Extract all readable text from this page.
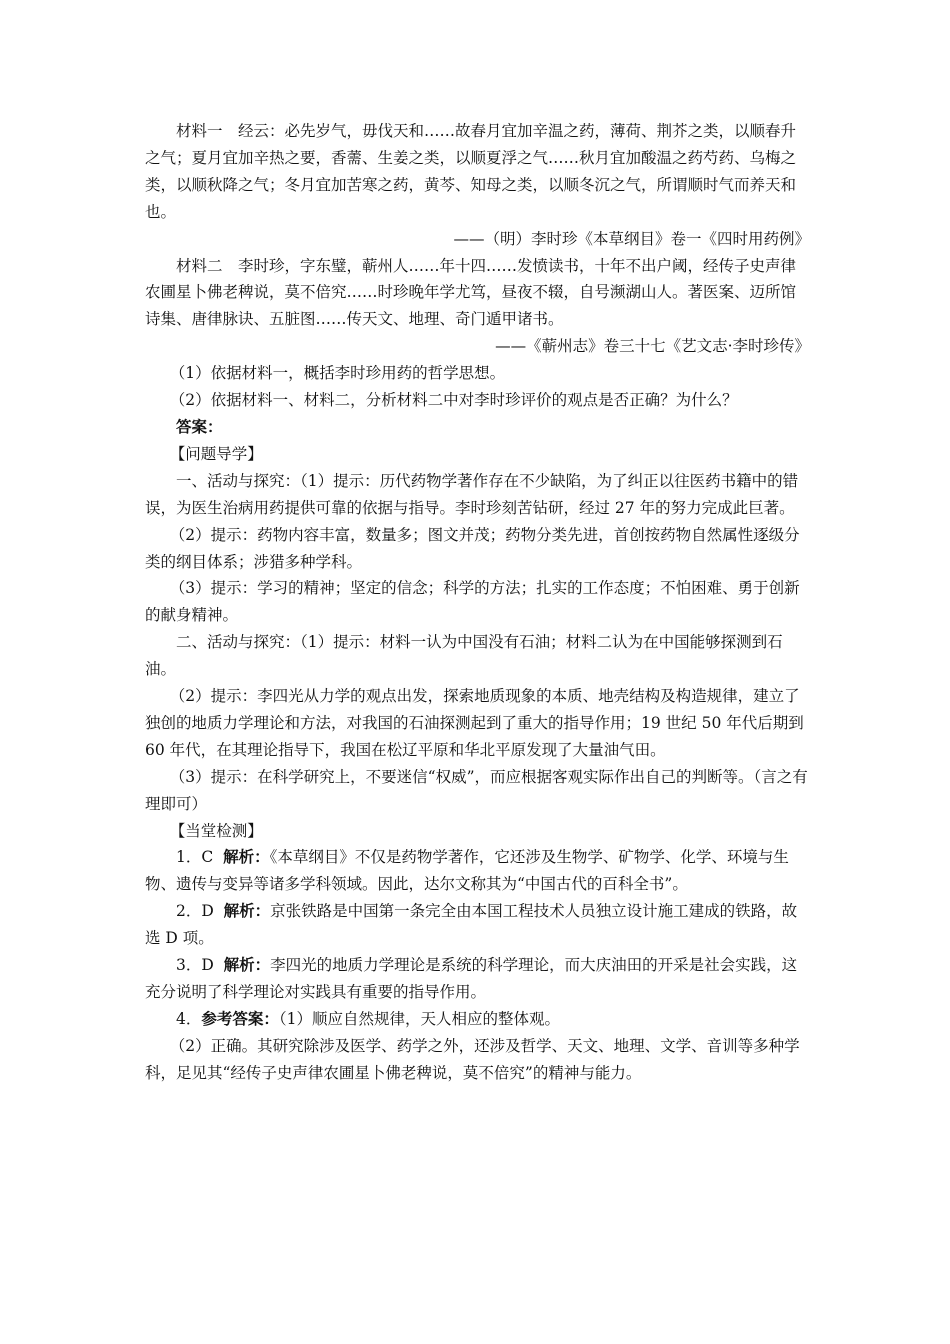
材料一 经云：必先岁气，毋伐天和……故春月宜加辛温之药，薄荷、荆芥之类，以顺春升之气；夏月宜加辛热之要，香薷、生姜之类，以顺夏浮之气……秋月宜加酸温之药芍药、乌梅之类，以顺秋降之气；冬月宜加苦寒之药，黄芩、知母之类，以顺冬沉之气，所谓顺时气而养天和也。

——（明）李时珍《本草纲目》卷一《四时用药例》

材料二 李时珍，字东璧，蕲州人……年十四……发愤读书，十年不出户阈，经传子史声律农圃星卜佛老稗说，莫不倍究……时珍晚年学尤笃，昼夜不辍，自号濒湖山人。著医案、迈所馆诗集、唐律脉诀、五脏图……传天文、地理、奇门遁甲诸书。

——《蕲州志》卷三十七《艺文志·李时珍传》

（1）依据材料一，概括李时珍用药的哲学思想。

（2）依据材料一、材料二，分析材料二中对李时珍评价的观点是否正确？为什么？

答案：

【问题导学】

一、活动与探究：（1）提示：历代药物学著作存在不少缺陷，为了纠正以往医药书籍中的错误，为医生治病用药提供可靠的依据与指导。李时珍刻苦钻研，经过 27 年的努力完成此巨著。

（2）提示：药物内容丰富，数量多；图文并茂；药物分类先进，首创按药物自然属性逐级分类的纲目体系；涉猎多种学科。

（3）提示：学习的精神；坚定的信念；科学的方法；扎实的工作态度；不怕困难、勇于创新的献身精神。

二、活动与探究：（1）提示：材料一认为中国没有石油；材料二认为在中国能够探测到石油。

（2）提示：李四光从力学的观点出发，探索地质现象的本质、地壳结构及构造规律，建立了独创的地质力学理论和方法，对我国的石油探测起到了重大的指导作用；19 世纪 50 年代后期到 60 年代，在其理论指导下，我国在松辽平原和华北平原发现了大量油气田。

（3）提示：在科学研究上，不要迷信“权威”，而应根据客观实际作出自己的判断等。（言之有理即可）

【当堂检测】

1．C 解析：《本草纲目》不仅是药物学著作，它还涉及生物学、矿物学、化学、环境与生物、遗传与变异等诸多学科领域。因此，达尔文称其为“中国古代的百科全书”。

2．D 解析：京张铁路是中国第一条完全由本国工程技术人员独立设计施工建成的铁路，故选 D 项。

3．D 解析：李四光的地质力学理论是系统的科学理论，而大庆油田的开采是社会实践，这充分说明了科学理论对实践具有重要的指导作用。

4．参考答案：（1）顺应自然规律，天人相应的整体观。

（2）正确。其研究除涉及医学、药学之外，还涉及哲学、天文、地理、文学、音训等多种学科，足见其“经传子史声律农圃星卜佛老稗说，莫不倍究”的精神与能力。
